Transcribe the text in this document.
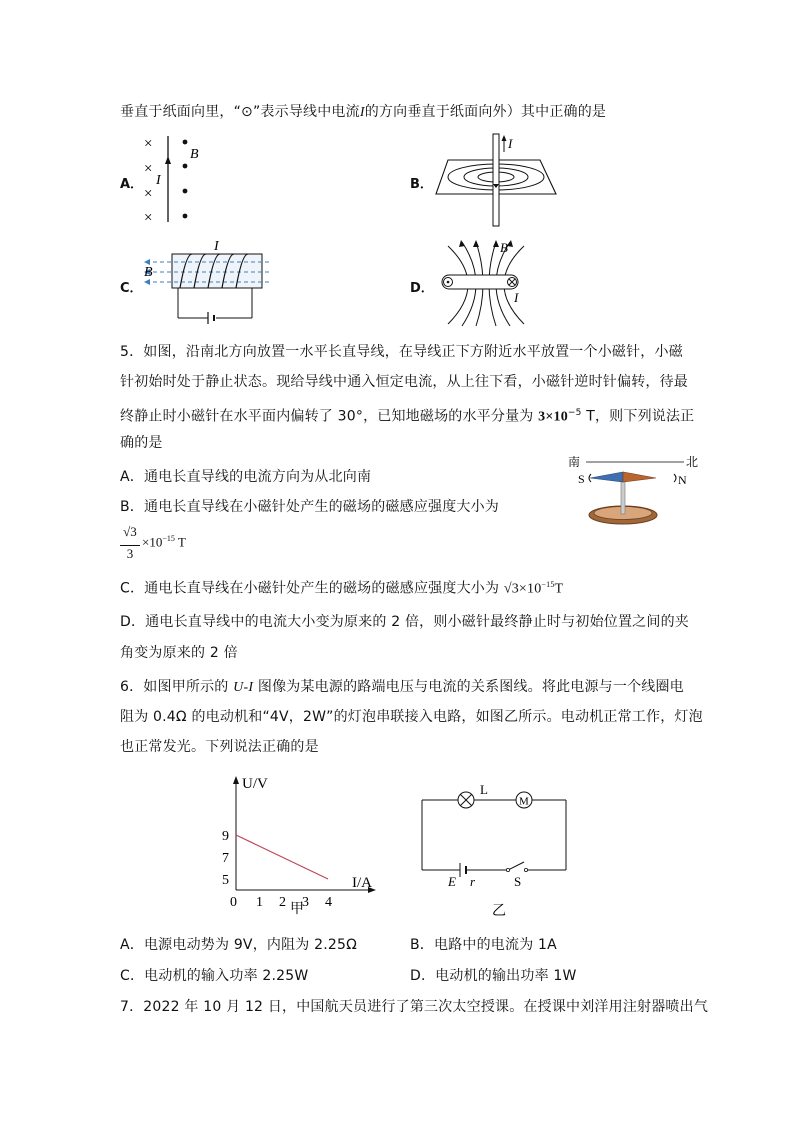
垂直于纸面向里，“⊙”表示导线中电流I的方向垂直于纸面向外）其中正确的是
A．
×
×
×
×
I
B
B．
I
C．
I
B
D．
B
I
5．如图，沿南北方向放置一水平长直导线，在导线正下方附近水平放置一个小磁针，小磁
针初始时处于静止状态。现给导线中通入恒定电流，从上往下看，小磁针逆时针偏转，待最
终静止时小磁针在水平面内偏转了 30°，已知地磁场的水平分量为 $3\times 10^{-5}$ T，则下列说法正
确的是
A．通电长直导线的电流方向为从北向南
B．通电长直导线在小磁针处产生的磁场的磁感应强度大小为
√3
3
$\times 10^{-15}$ T
C．通电长直导线在小磁针处产生的磁场的磁感应强度大小为 $√3\times 10^{-15}T$
D．通电长直导线中的电流大小变为原来的 2 倍，则小磁针最终静止时与初始位置之间的夹
角变为原来的 2 倍
南	北
S	N
6．如图甲所示的 U-I 图像为某电源的路端电压与电流的关系图线。将此电源与一个线圈电
阻为 0.4Ω 的电动机和“4V，2W”的灯泡串联接入电路，如图乙所示。电动机正常工作，灯泡
也正常发光。下列说法正确的是
U/V
I/A
0 1 2 3 4
5
7
9
甲
L
M
E r	S
乙
A．电源电动势为 9V，内阻为 2.25Ω	B．电路中的电流为 1A
C．电动机的输入功率 2.25W	D．电动机的输出功率 1W
7．2022 年 10 月 12 日，中国航天员进行了第三次太空授课。在授课中刘洋用注射器喷出气
